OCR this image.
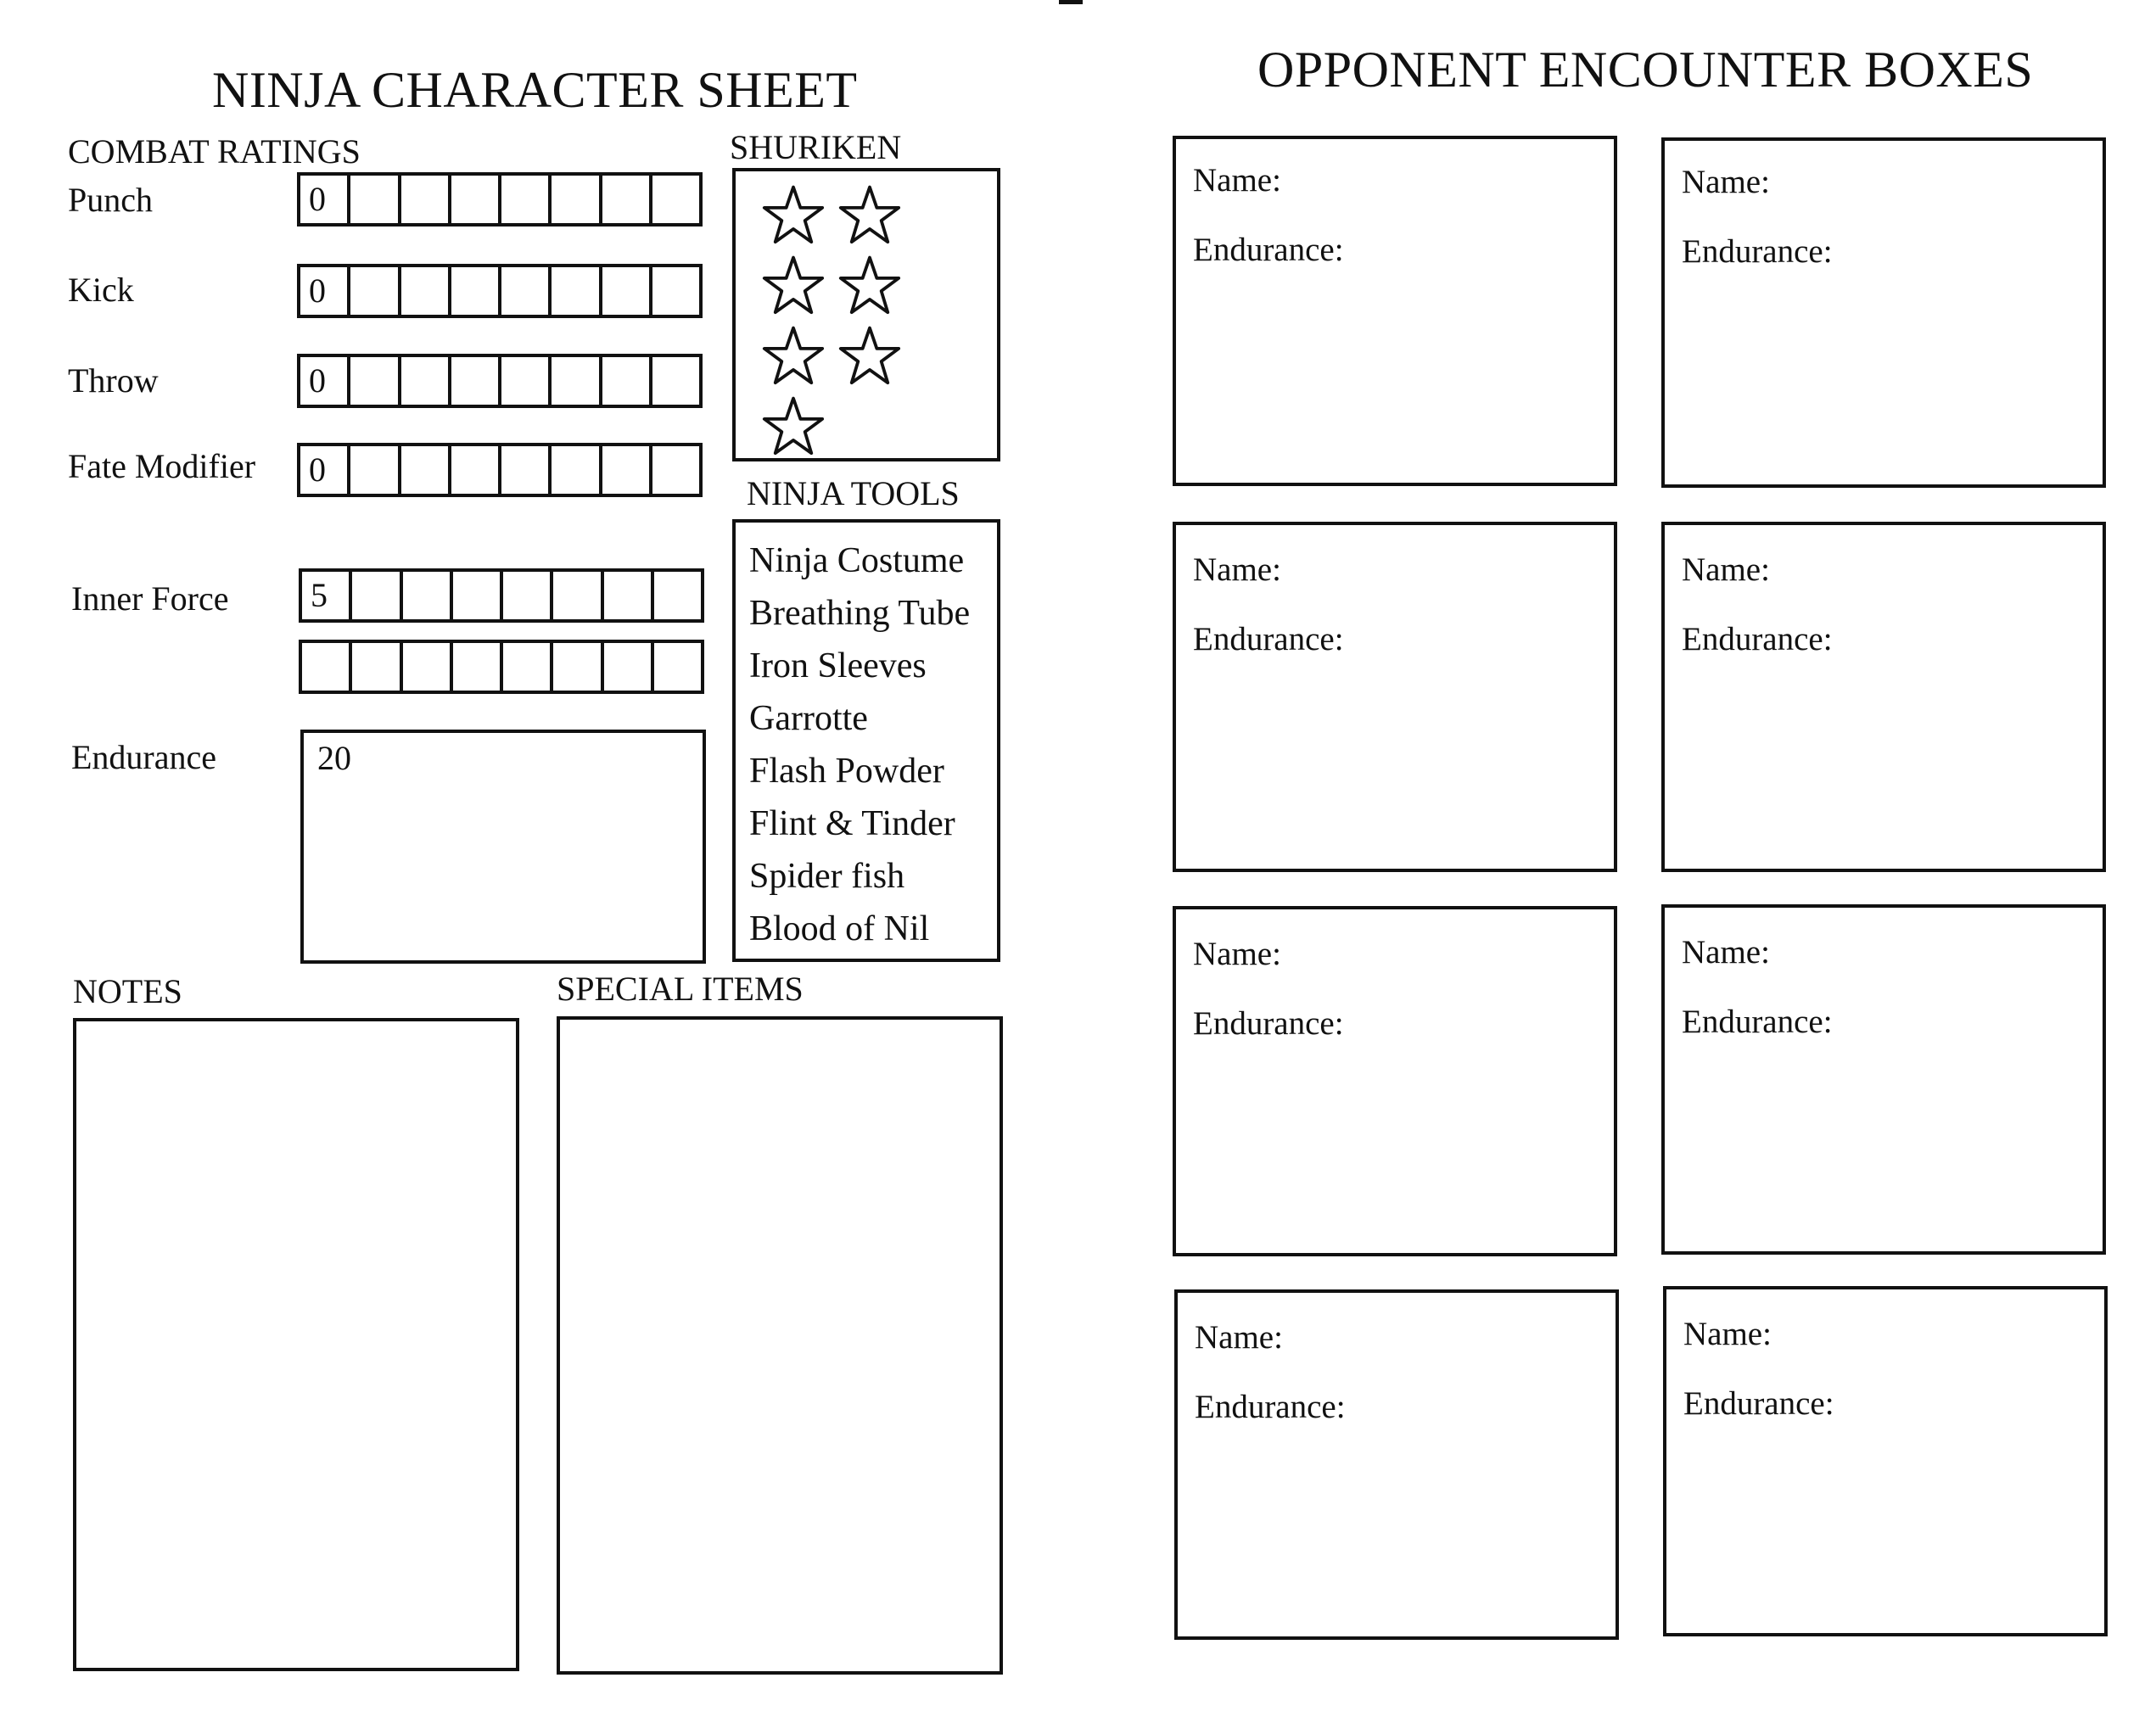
NINJA CHARACTER SHEET
COMBAT RATINGS
Punch	0
Kick	0
Throw	0
Fate Modifier 0
Inner Force 5
Endurance	20
SHURIKEN
NINJA TOOLS
Ninja Costume
Breathing Tube
Iron Sleeves
Garrotte
Flash Powder
Flint & Tinder
Spider fish
Blood of Nil
NOTES	SPECIAL ITEMS
OPPONENT ENCOUNTER BOXES
Name:
Endurance:
Name:
Endurance:
Name:
Endurance:
Name:
Endurance:
Name:
Endurance:
Name:
Endurance:
Name:
Endurance:
Name:
Endurance:
